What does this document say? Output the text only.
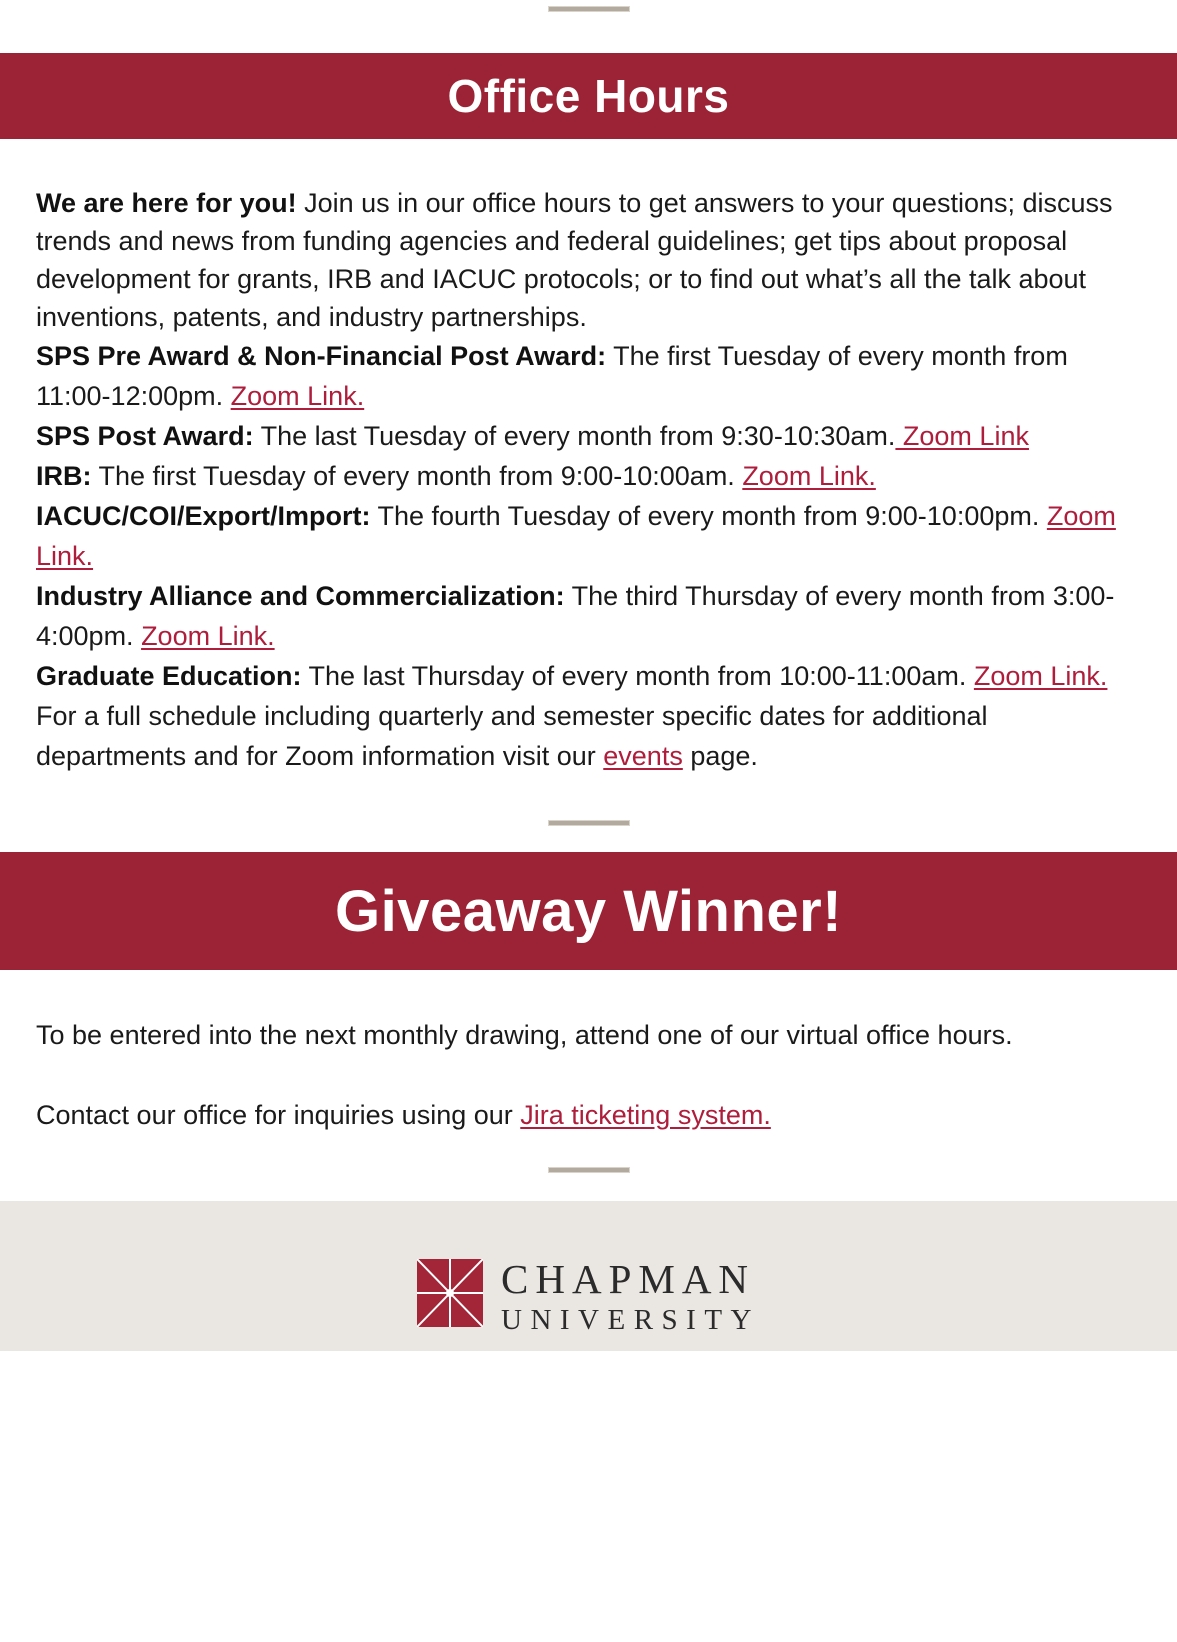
Office Hours

We are here for you! Join us in our office hours to get answers to your questions; discuss trends and news from funding agencies and federal guidelines; get tips about proposal development for grants, IRB and IACUC protocols; or to find out what’s all the talk about inventions, patents, and industry partnerships.

SPS Pre Award & Non-Financial Post Award: The first Tuesday of every month from 11:00-12:00pm. Zoom Link.

SPS Post Award: The last Tuesday of every month from 9:30-10:30am. Zoom Link

IRB: The first Tuesday of every month from 9:00-10:00am. Zoom Link.

IACUC/COI/Export/Import: The fourth Tuesday of every month from 9:00-10:00pm. Zoom Link.

Industry Alliance and Commercialization: The third Thursday of every month from 3:00-4:00pm. Zoom Link.

Graduate Education: The last Thursday of every month from 10:00-11:00am. Zoom Link.

For a full schedule including quarterly and semester specific dates for additional departments and for Zoom information visit our events page.

Giveaway Winner!

To be entered into the next monthly drawing, attend one of our virtual office hours.

Contact our office for inquiries using our Jira ticketing system.

CHAPMAN
UNIVERSITY
